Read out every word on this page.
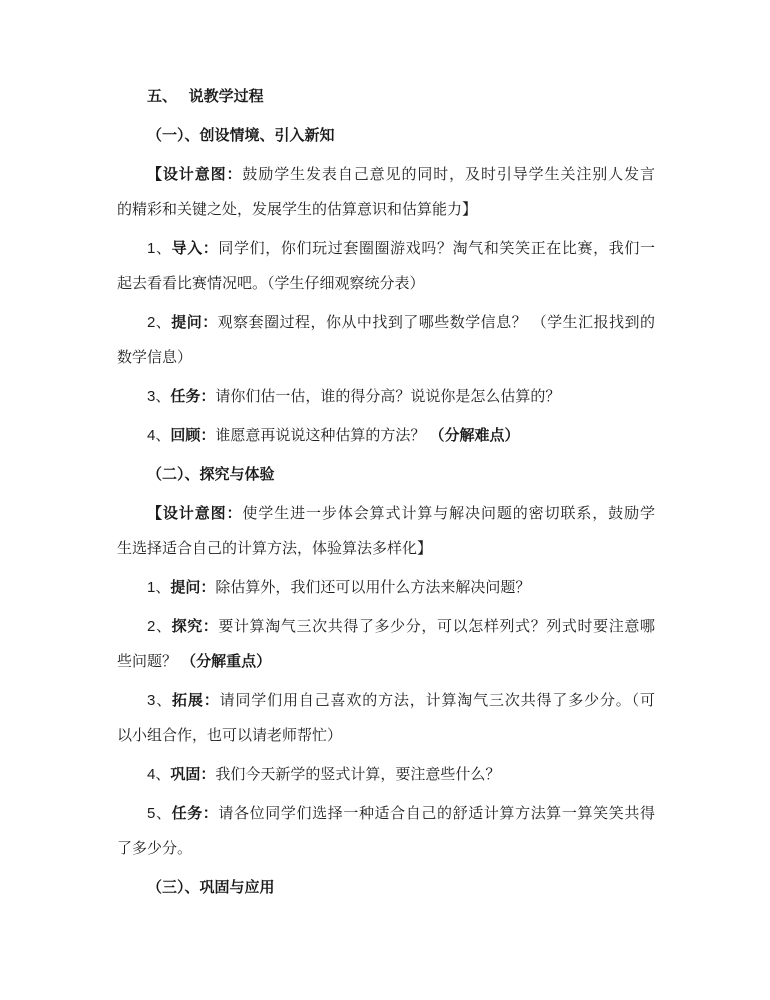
五、　 说教学过程
（一）、创设情境、引入新知
【设计意图：鼓励学生发表自己意见的同时，及时引导学生关注别人发言
的精彩和关键之处，发展学生的估算意识和估算能力】
1、导入：同学们，你们玩过套圈圈游戏吗？淘气和笑笑正在比赛，我们一
起去看看比赛情况吧。（学生仔细观察统分表）
2、提问：观察套圈过程，你从中找到了哪些数学信息？ （学生汇报找到的
数学信息）
3、任务：请你们估一估，谁的得分高？说说你是怎么估算的？
4、回顾：谁愿意再说说这种估算的方法？ （分解难点）
（二）、探究与体验
【设计意图：使学生进一步体会算式计算与解决问题的密切联系，鼓励学
生选择适合自己的计算方法，体验算法多样化】
1、提问：除估算外，我们还可以用什么方法来解决问题？
2、探究：要计算淘气三次共得了多少分，可以怎样列式？列式时要注意哪
些问题？ （分解重点）
3、拓展：请同学们用自己喜欢的方法，计算淘气三次共得了多少分。（可
以小组合作，也可以请老师帮忙）
4、巩固：我们今天新学的竖式计算，要注意些什么？
5、任务：请各位同学们选择一种适合自己的舒适计算方法算一算笑笑共得
了多少分。
（三）、巩固与应用
